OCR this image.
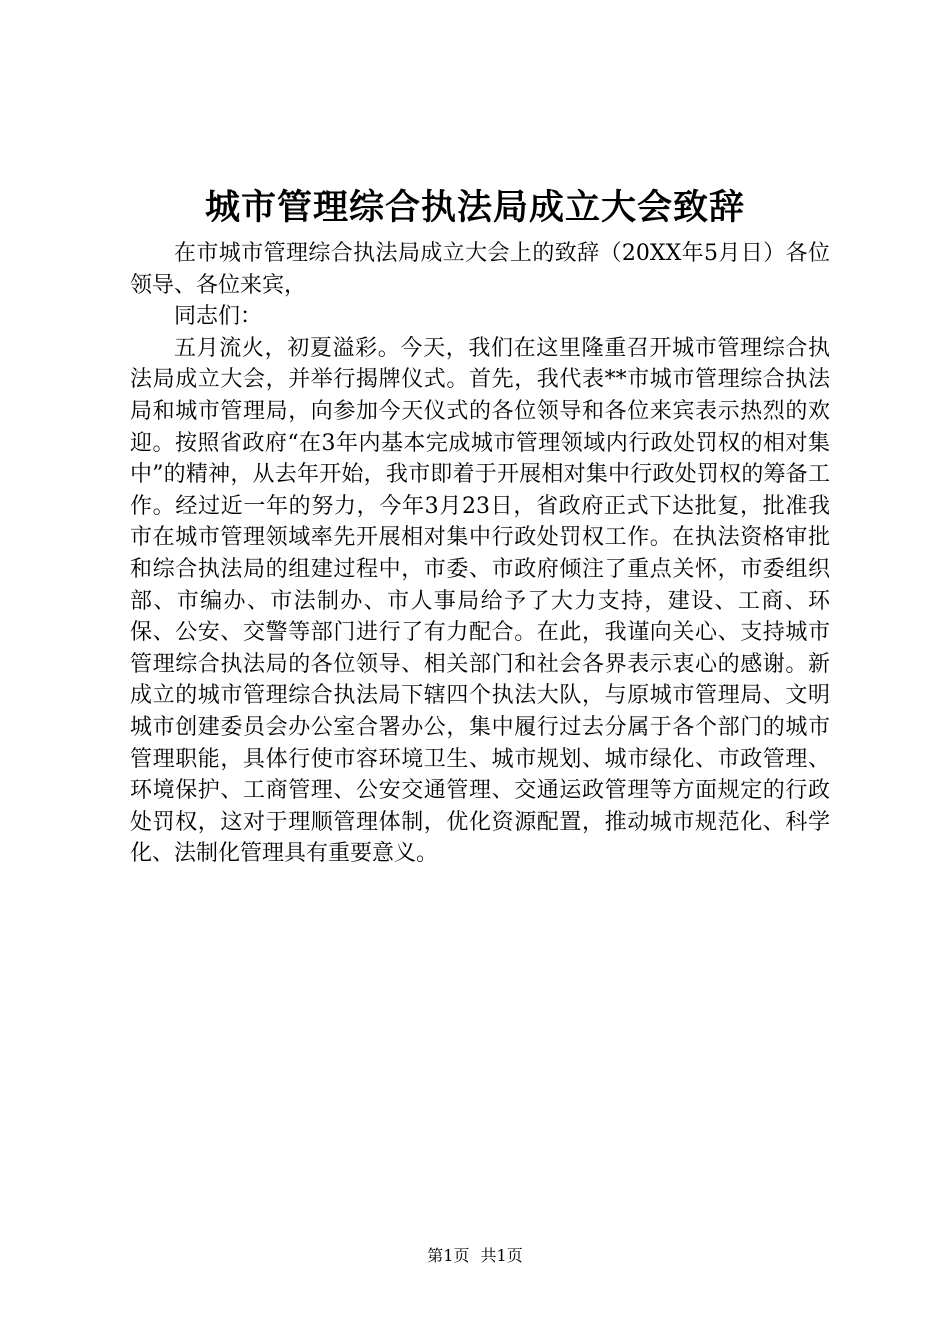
城市管理综合执法局成立大会致辞

在市城市管理综合执法局成立大会上的致辞（20XX年5月日）各位领导、各位来宾，

同志们：

五月流火，初夏溢彩。今天，我们在这里隆重召开城市管理综合执法局成立大会，并举行揭牌仪式。首先，我代表**市城市管理综合执法局和城市管理局，向参加今天仪式的各位领导和各位来宾表示热烈的欢迎。按照省政府“在3年内基本完成城市管理领域内行政处罚权的相对集中”的精神，从去年开始，我市即着于开展相对集中行政处罚权的筹备工作。经过近一年的努力，今年3月23日，省政府正式下达批复，批准我市在城市管理领域率先开展相对集中行政处罚权工作。在执法资格审批和综合执法局的组建过程中，市委、市政府倾注了重点关怀，市委组织部、市编办、市法制办、市人事局给予了大力支持，建设、工商、环保、公安、交警等部门进行了有力配合。在此，我谨向关心、支持城市管理综合执法局的各位领导、相关部门和社会各界表示衷心的感谢。新成立的城市管理综合执法局下辖四个执法大队，与原城市管理局、文明城市创建委员会办公室合署办公，集中履行过去分属于各个部门的城市管理职能，具体行使市容环境卫生、城市规划、城市绿化、市政管理、环境保护、工商管理、公安交通管理、交通运政管理等方面规定的行政处罚权，这对于理顺管理体制，优化资源配置，推动城市规范化、科学化、法制化管理具有重要意义。

第1页 共1页
